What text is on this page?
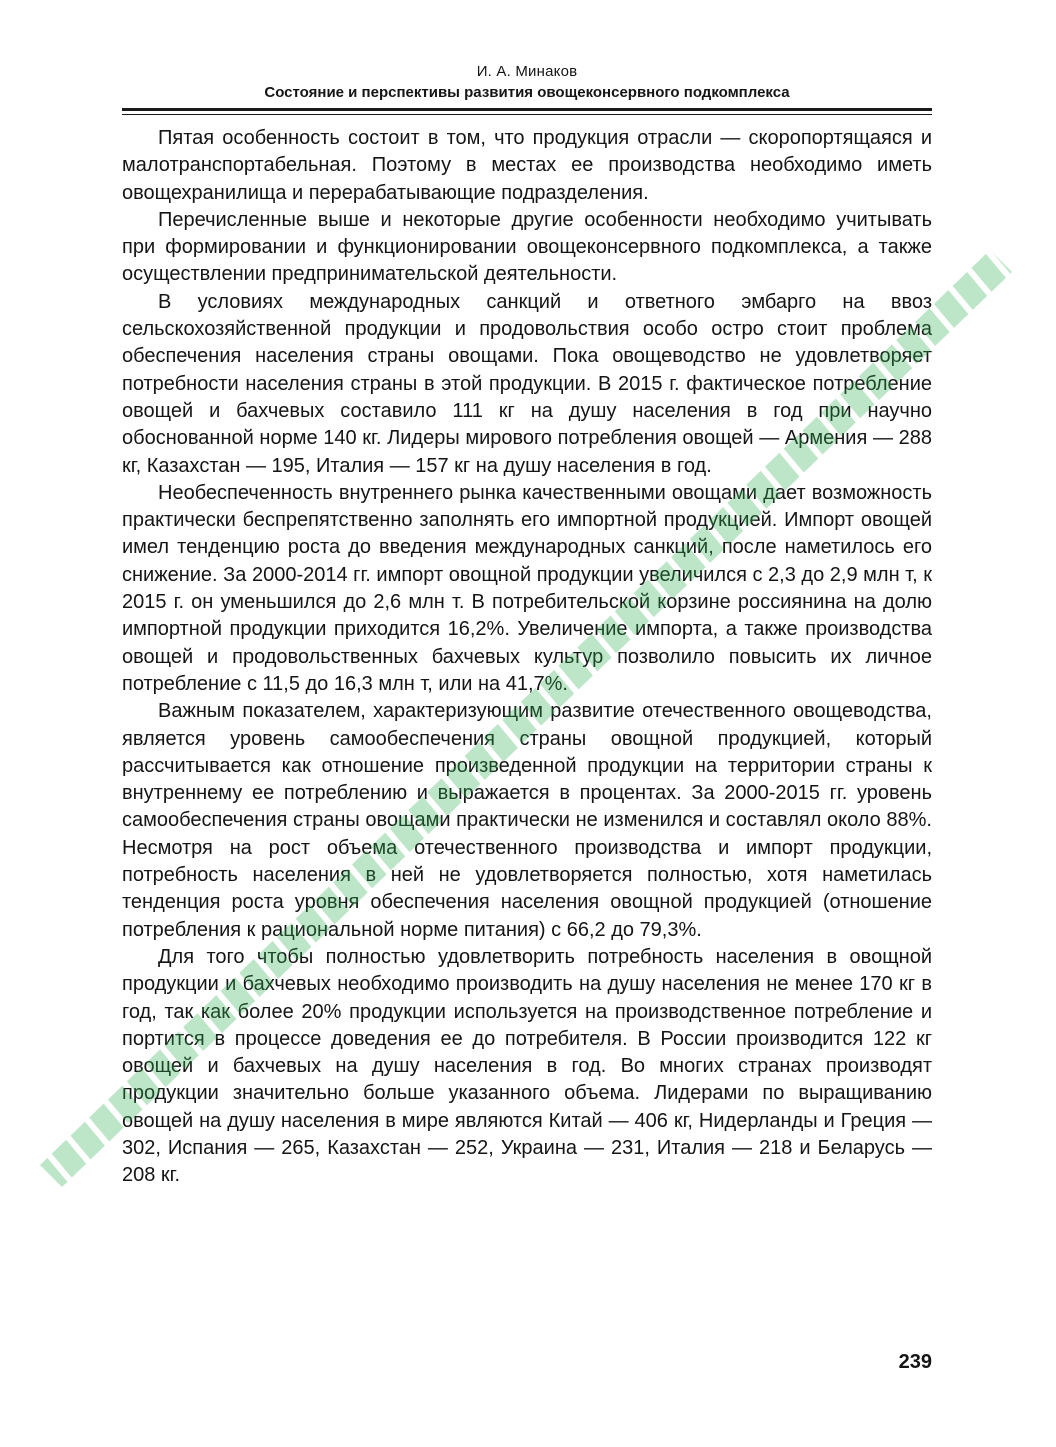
И. А. Минаков
Состояние и перспективы развития овощеконсервного подкомплекса

Пятая особенность состоит в том, что продукция отрасли — скоропортящаяся и малотранспортабельная. Поэтому в местах ее производства необходимо иметь овощехранилища и перерабатывающие подразделения.

Перечисленные выше и некоторые другие особенности необходимо учитывать при формировании и функционировании овощеконсервного подкомплекса, а также осуществлении предпринимательской деятельности.

В условиях международных санкций и ответного эмбарго на ввоз сельскохозяйственной продукции и продовольствия особо остро стоит проблема обеспечения населения страны овощами. Пока овощеводство не удовлетворяет потребности населения страны в этой продукции. В 2015 г. фактическое потребление овощей и бахчевых составило 111 кг на душу населения в год при научно обоснованной норме 140 кг. Лидеры мирового потребления овощей — Армения — 288 кг, Казахстан — 195, Италия — 157 кг на душу населения в год.

Необеспеченность внутреннего рынка качественными овощами дает возможность практически беспрепятственно заполнять его импортной продукцией. Импорт овощей имел тенденцию роста до введения международных санкций, после наметилось его снижение. За 2000-2014 гг. импорт овощной продукции увеличился с 2,3 до 2,9 млн т, к 2015 г. он уменьшился до 2,6 млн т. В потребительской корзине россиянина на долю импортной продукции приходится 16,2%. Увеличение импорта, а также производства овощей и продовольственных бахчевых культур позволило повысить их личное потребление с 11,5 до 16,3 млн т, или на 41,7%.

Важным показателем, характеризующим развитие отечественного овощеводства, является уровень самообеспечения страны овощной продукцией, который рассчитывается как отношение произведенной продукции на территории страны к внутреннему ее потреблению и выражается в процентах. За 2000-2015 гг. уровень самообеспечения страны овощами практически не изменился и составлял около 88%. Несмотря на рост объема отечественного производства и импорт продукции, потребность населения в ней не удовлетворяется полностью, хотя наметилась тенденция роста уровня обеспечения населения овощной продукцией (отношение потребления к рациональной норме питания) с 66,2 до 79,3%.

Для того чтобы полностью удовлетворить потребность населения в овощной продукции и бахчевых необходимо производить на душу населения не менее 170 кг в год, так как более 20% продукции используется на производственное потребление и портится в процессе доведения ее до потребителя. В России производится 122 кг овощей и бахчевых на душу населения в год. Во многих странах производят продукции значительно больше указанного объема. Лидерами по выращиванию овощей на душу населения в мире являются Китай — 406 кг, Нидерланды и Греция — 302, Испания — 265, Казахстан — 252, Украина — 231, Италия — 218 и Беларусь — 208 кг.

239
